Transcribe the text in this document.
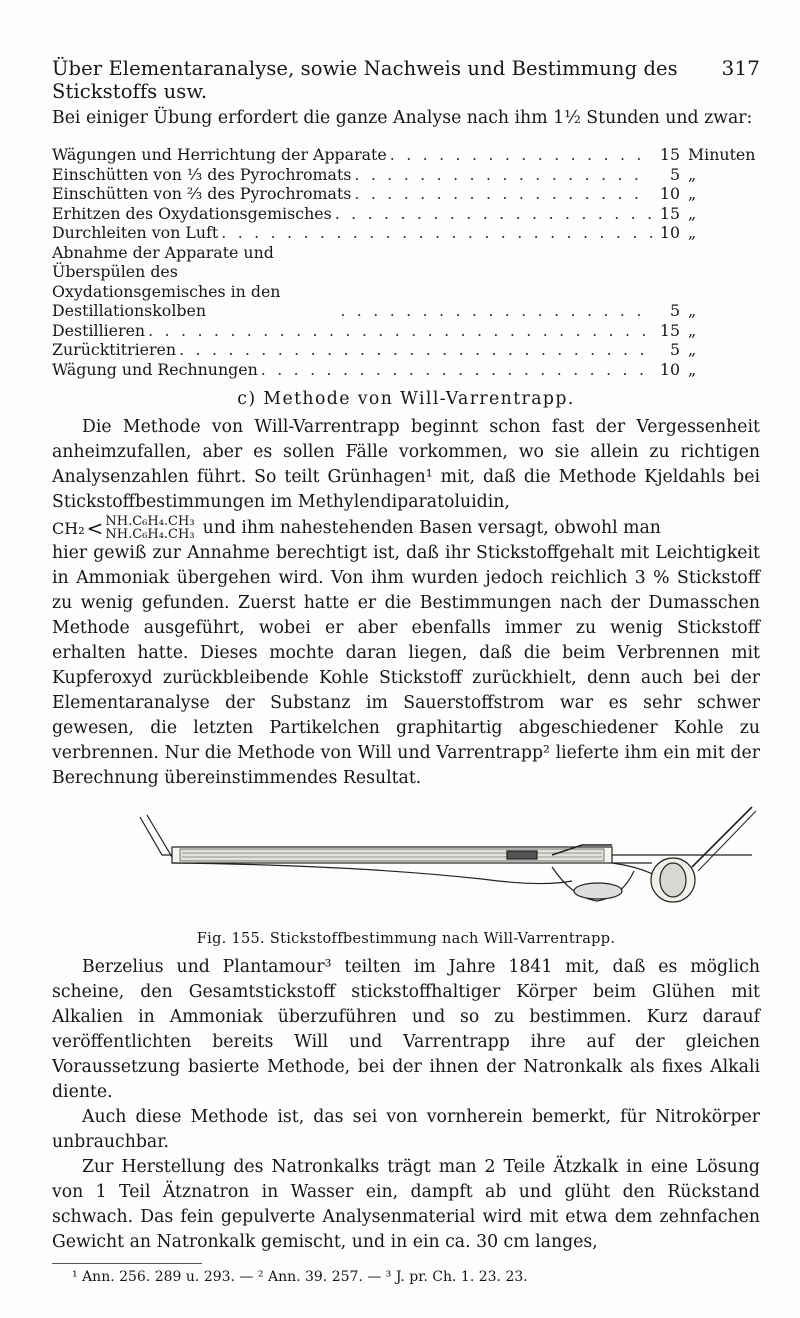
Über Elementaranalyse, sowie Nachweis und Bestimmung des Stickstoffs usw.
317

Bei einiger Übung erfordert die ganze Analyse nach ihm 1½ Stunden und zwar:

Wägungen und Herrichtung der Apparate . . .	15 Minuten
Einschütten von ⅓ des Pyrochromats . . .	5 „
Einschütten von ⅔ des Pyrochromats . . .	10 „
Erhitzen des Oxydationsgemisches . . .	15 „
Durchleiten von Luft . . .	10 „
Abnahme der Apparate und Überspülen des Oxydationsgemisches in den Destillationskolben . . .	5 „
Destillieren . . .	15 „
Zurücktitrieren . . .	5 „
Wägung und Rechnungen . . .	10 „
c) Methode von Will-Varrentrapp.

Die Methode von Will-Varrentrapp beginnt schon fast der Vergessenheit anheimzufallen, aber es sollen Fälle vorkommen, wo sie allein zu richtigen Analysenzahlen führt. So teilt Grünhagen¹ mit, daß die Methode Kjeldahls bei Stickstoffbestimmungen im Methylendiparatoluidin,

CH₂ < NH.C₆H₄.CH₃
NH.C₆H₄.CH₃ und ihm nahestehenden Basen versagt, obwohl man

hier gewiß zur Annahme berechtigt ist, daß ihr Stickstoffgehalt mit Leichtigkeit in Ammoniak übergehen wird. Von ihm wurden jedoch reichlich 3 % Stickstoff zu wenig gefunden. Zuerst hatte er die Bestimmungen nach der Dumasschen Methode ausgeführt, wobei er aber ebenfalls immer zu wenig Stickstoff erhalten hatte. Dieses mochte daran liegen, daß die beim Verbrennen mit Kupferoxyd zurückbleibende Kohle Stickstoff zurückhielt, denn auch bei der Elementaranalyse der Substanz im Sauerstoffstrom war es sehr schwer gewesen, die letzten Partikelchen graphitartig abgeschiedener Kohle zu verbrennen. Nur die Methode von Will und Varrentrapp² lieferte ihm ein mit der Berechnung übereinstimmendes Resultat.

Fig. 155. Stickstoffbestimmung nach Will-Varrentrapp.

Berzelius und Plantamour³ teilten im Jahre 1841 mit, daß es möglich scheine, den Gesamtstickstoff stickstoffhaltiger Körper beim Glühen mit Alkalien in Ammoniak überzuführen und so zu bestimmen. Kurz darauf veröffentlichten bereits Will und Varrentrapp ihre auf der gleichen Voraussetzung basierte Methode, bei der ihnen der Natronkalk als fixes Alkali diente.

Auch diese Methode ist, das sei von vornherein bemerkt, für Nitrokörper unbrauchbar.

Zur Herstellung des Natronkalks trägt man 2 Teile Ätzkalk in eine Lösung von 1 Teil Ätznatron in Wasser ein, dampft ab und glüht den Rückstand schwach. Das fein gepulverte Analysenmaterial wird mit etwa dem zehnfachen Gewicht an Natronkalk gemischt, und in ein ca. 30 cm langes,

¹ Ann. 256. 289 u. 293. — ² Ann. 39. 257. — ³ J. pr. Ch. 1. 23. 23.
